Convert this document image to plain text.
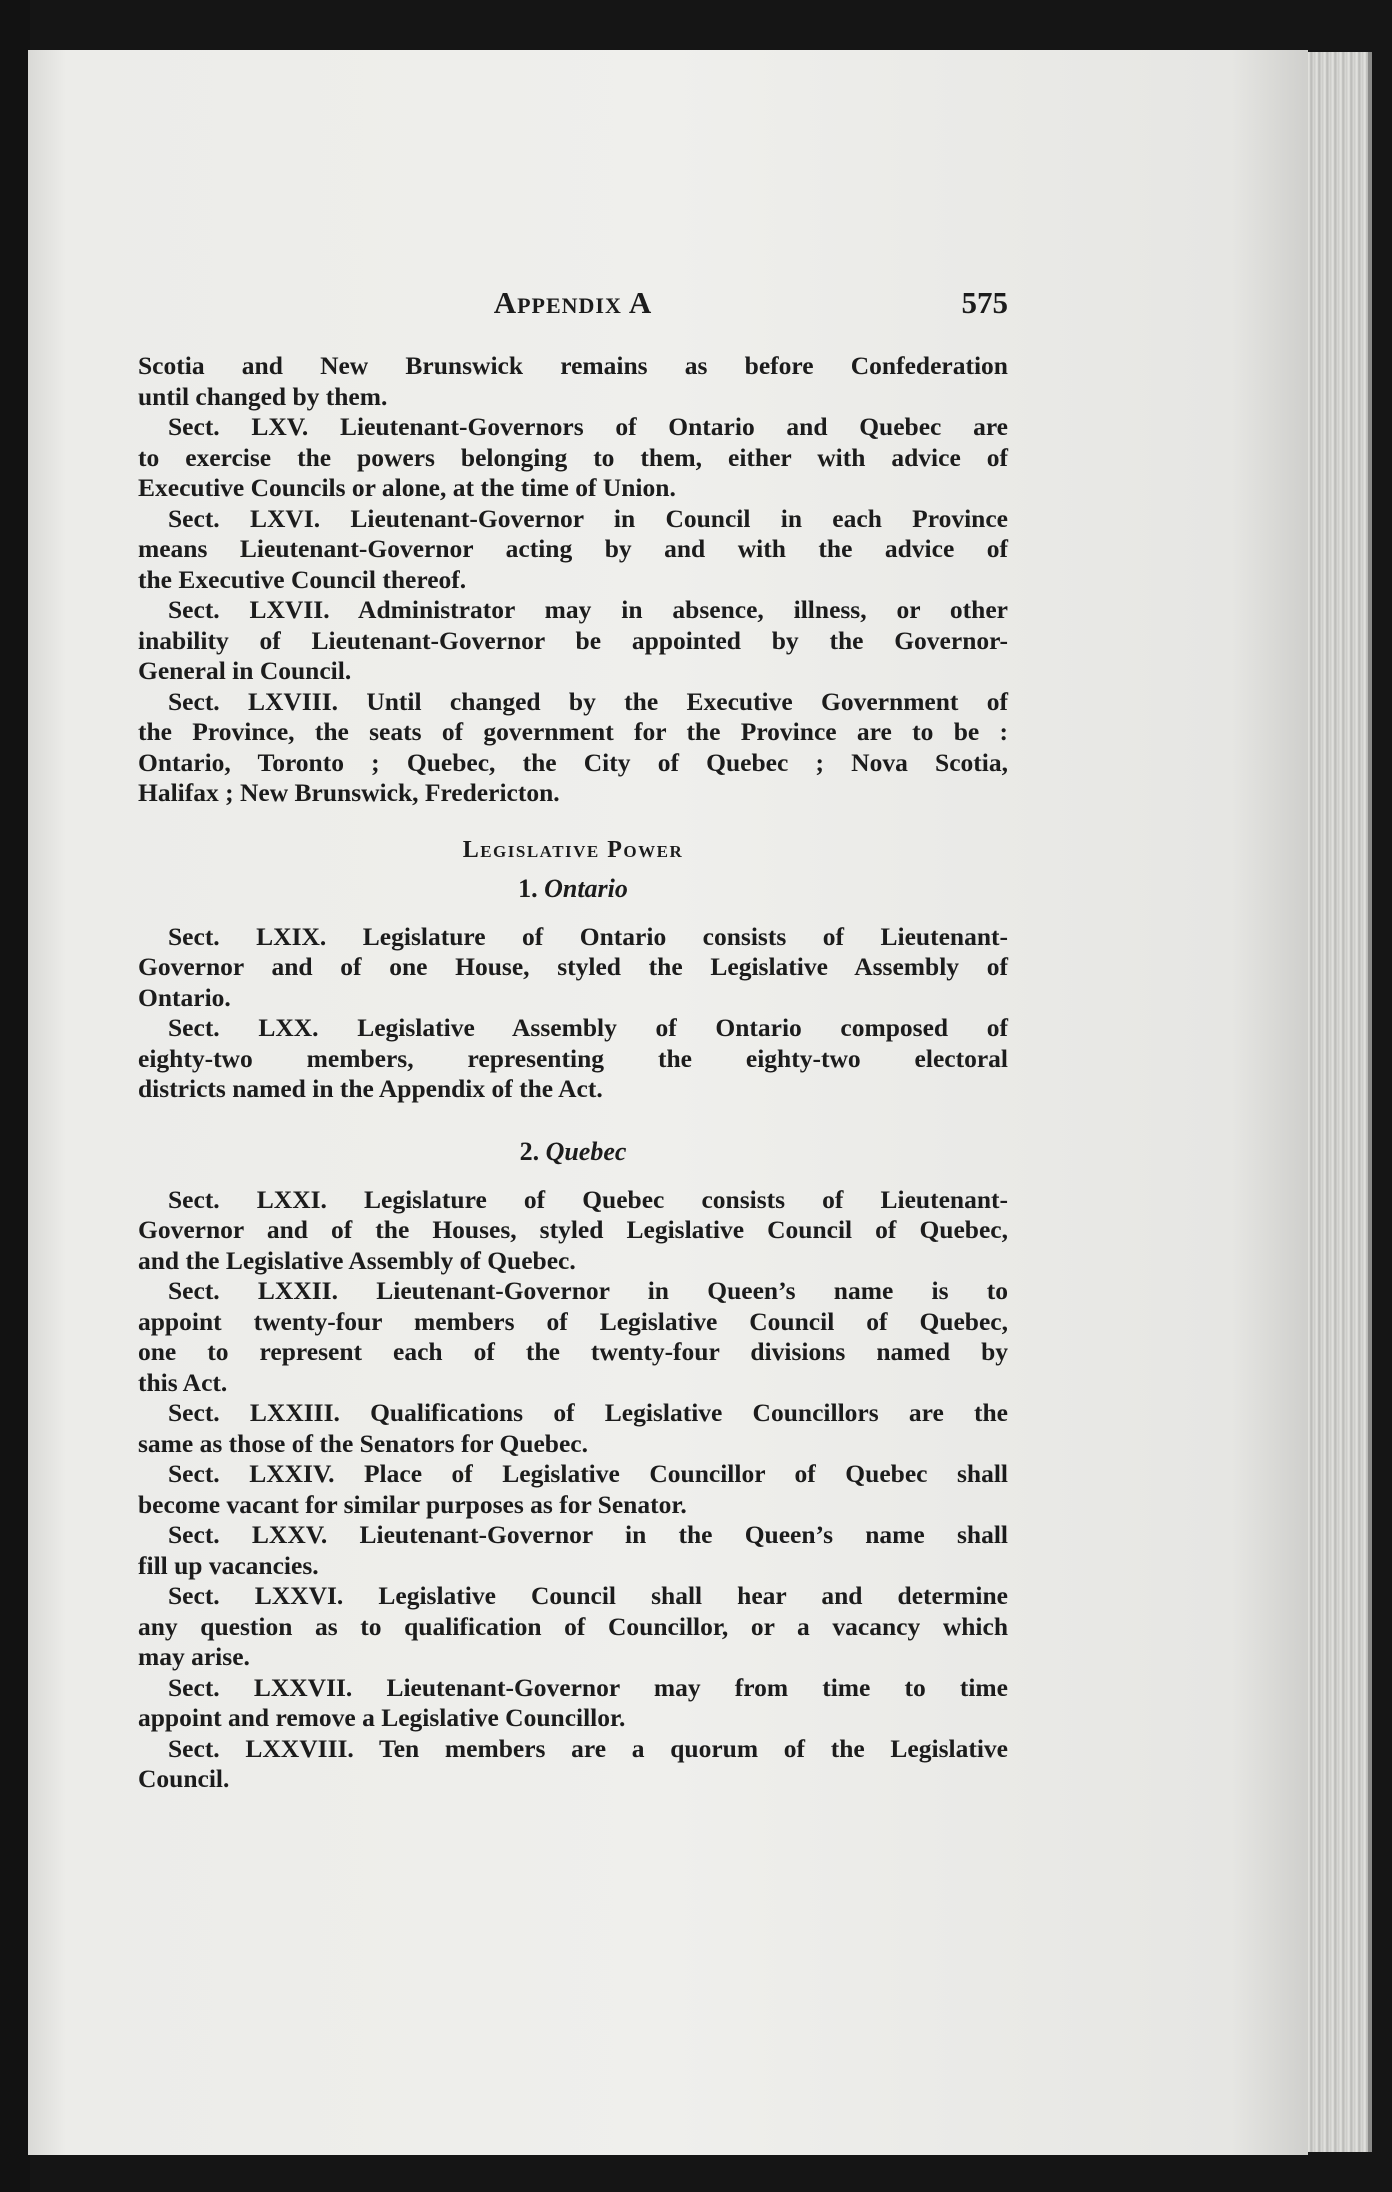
Appendix A	575

Scotia and New Brunswick remains as before Confederation
until changed by them.

Sect. LXV. Lieutenant-Governors of Ontario and Quebec are
to exercise the powers belonging to them, either with advice of
Executive Councils or alone, at the time of Union.

Sect. LXVI. Lieutenant-Governor in Council in each Province
means Lieutenant-Governor acting by and with the advice of
the Executive Council thereof.

Sect. LXVII. Administrator may in absence, illness, or other
inability of Lieutenant-Governor be appointed by the Governor-
General in Council.

Sect. LXVIII. Until changed by the Executive Government of
the Province, the seats of government for the Province are to be :
Ontario, Toronto ; Quebec, the City of Quebec ; Nova Scotia,
Halifax ; New Brunswick, Fredericton.

Legislative Power
1. Ontario

Sect. LXIX. Legislature of Ontario consists of Lieutenant-
Governor and of one House, styled the Legislative Assembly of
Ontario.

Sect. LXX. Legislative Assembly of Ontario composed of
eighty-two members, representing the eighty-two electoral
districts named in the Appendix of the Act.

2. Quebec

Sect. LXXI. Legislature of Quebec consists of Lieutenant-
Governor and of the Houses, styled Legislative Council of Quebec,
and the Legislative Assembly of Quebec.

Sect. LXXII. Lieutenant-Governor in Queen’s name is to
appoint twenty-four members of Legislative Council of Quebec,
one to represent each of the twenty-four divisions named by
this Act.

Sect. LXXIII. Qualifications of Legislative Councillors are the
same as those of the Senators for Quebec.

Sect. LXXIV. Place of Legislative Councillor of Quebec shall
become vacant for similar purposes as for Senator.

Sect. LXXV. Lieutenant-Governor in the Queen’s name shall
fill up vacancies.

Sect. LXXVI. Legislative Council shall hear and determine
any question as to qualification of Councillor, or a vacancy which
may arise.

Sect. LXXVII. Lieutenant-Governor may from time to time
appoint and remove a Legislative Councillor.

Sect. LXXVIII. Ten members are a quorum of the Legislative
Council.
